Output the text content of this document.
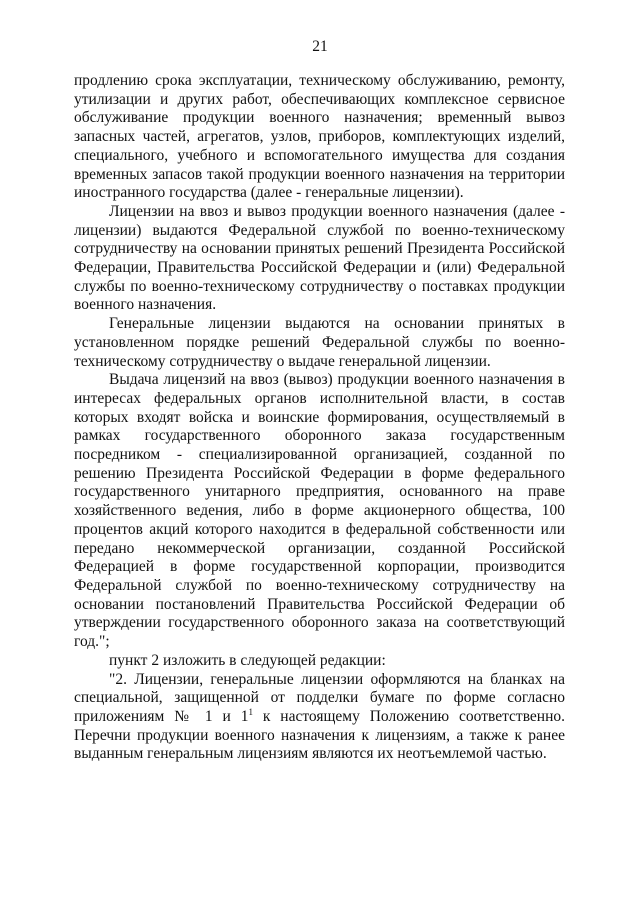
21

продлению срока эксплуатации, техническому обслуживанию, ремонту, утилизации и других работ, обеспечивающих комплексное сервисное обслуживание продукции военного назначения; временный вывоз запасных частей, агрегатов, узлов, приборов, комплектующих изделий, специального, учебного и вспомогательного имущества для создания временных запасов такой продукции военного назначения на территории иностранного государства (далее - генеральные лицензии).

Лицензии на ввоз и вывоз продукции военного назначения (далее - лицензии) выдаются Федеральной службой по военно-техническому сотрудничеству на основании принятых решений Президента Российской Федерации, Правительства Российской Федерации и (или) Федеральной службы по военно-техническому сотрудничеству о поставках продукции военного назначения.

Генеральные лицензии выдаются на основании принятых в установленном порядке решений Федеральной службы по военно-техническому сотрудничеству о выдаче генеральной лицензии.

Выдача лицензий на ввоз (вывоз) продукции военного назначения в интересах федеральных органов исполнительной власти, в состав которых входят войска и воинские формирования, осуществляемый в рамках государственного оборонного заказа государственным посредником - специализированной организацией, созданной по решению Президента Российской Федерации в форме федерального государственного унитарного предприятия, основанного на праве хозяйственного ведения, либо в форме акционерного общества, 100 процентов акций которого находится в федеральной собственности или передано некоммерческой организации, созданной Российской Федерацией в форме государственной корпорации, производится Федеральной службой по военно-техническому сотрудничеству на основании постановлений Правительства Российской Федерации об утверждении государственного оборонного заказа на соответствующий год.";

пункт 2 изложить в следующей редакции:

"2. Лицензии, генеральные лицензии оформляются на бланках на специальной, защищенной от подделки бумаге по форме согласно приложениям № 1 и $1^1$ к настоящему Положению соответственно. Перечни продукции военного назначения к лицензиям, а также к ранее выданным генеральным лицензиям являются их неотъемлемой частью.
